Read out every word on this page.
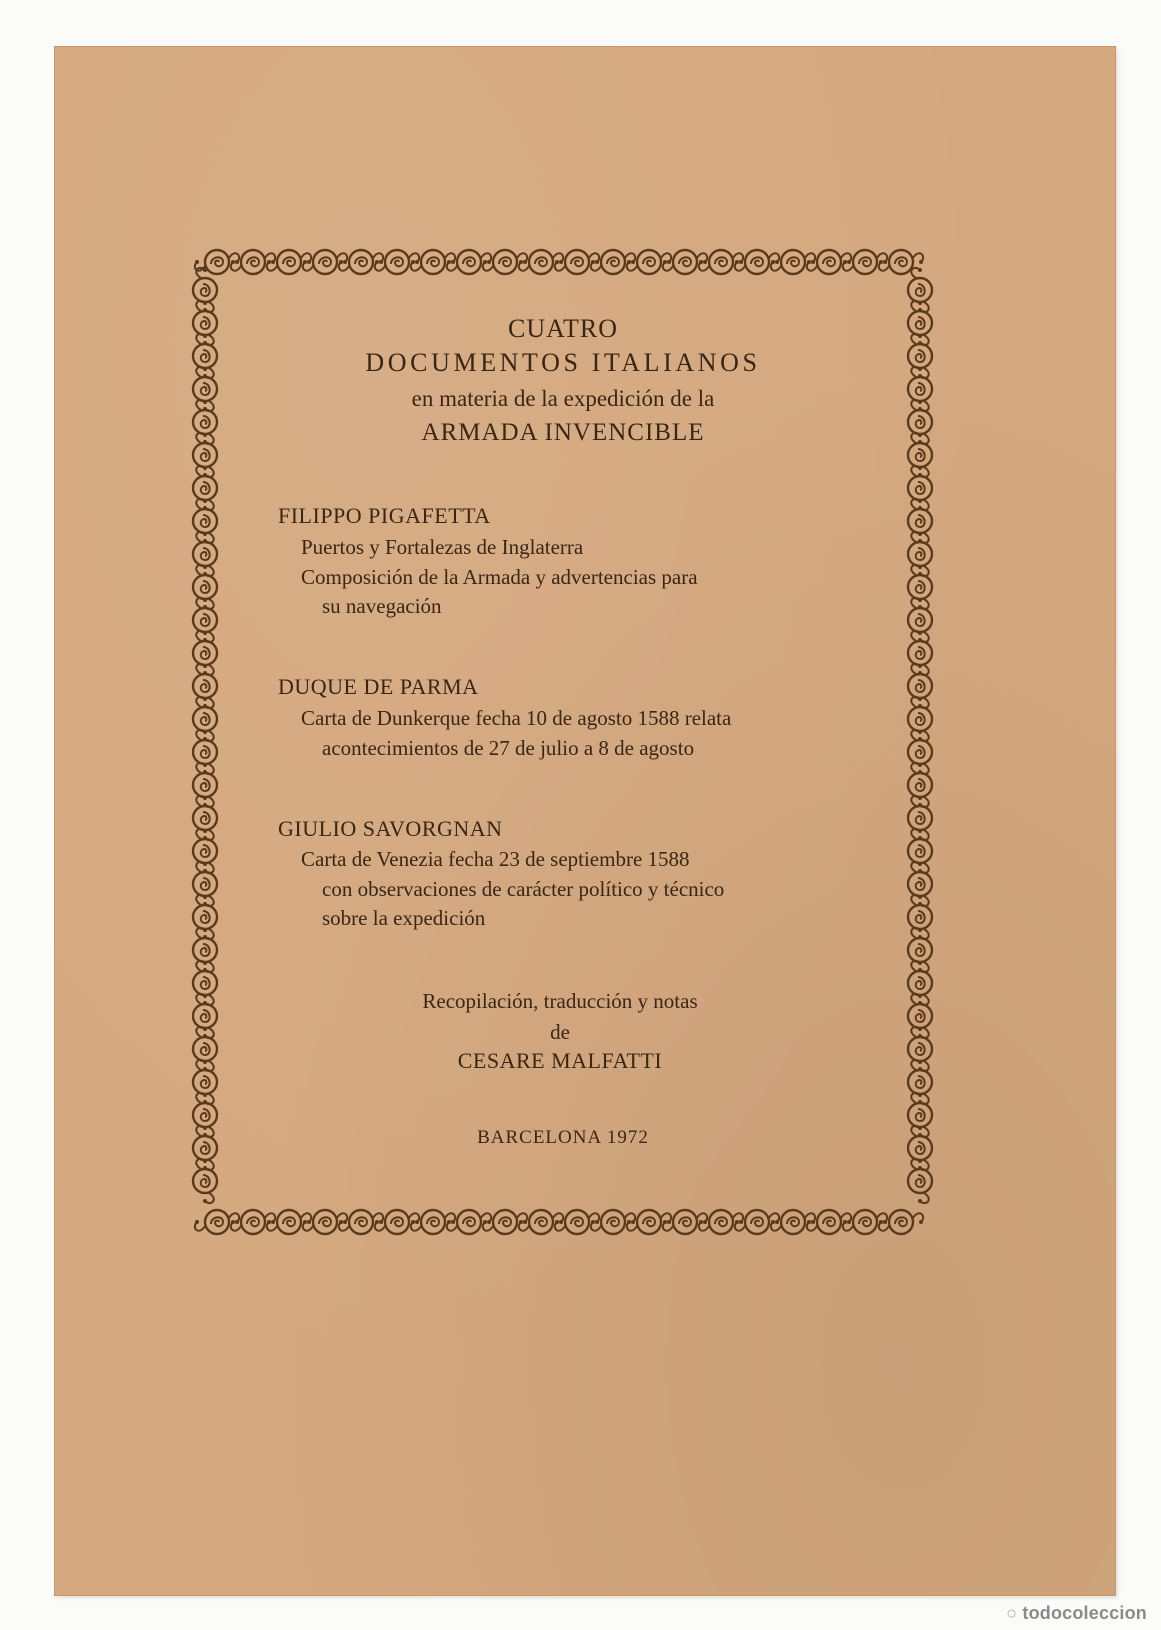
CUATRO
DOCUMENTOS ITALIANOS
en materia de la expedición de la
ARMADA INVENCIBLE
FILIPPO PIGAFETTA
Puertos y Fortalezas de Inglaterra
Composición de la Armada y advertencias para
su navegación
DUQUE DE PARMA
Carta de Dunkerque fecha 10 de agosto 1588 relata
acontecimientos de 27 de julio a 8 de agosto
GIULIO SAVORGNAN
Carta de Venezia fecha 23 de septiembre 1588
con observaciones de carácter político y técnico
sobre la expedición
Recopilación, traducción y notas
de
CESARE MALFATTI
BARCELONA 1972
○ todocoleccion
